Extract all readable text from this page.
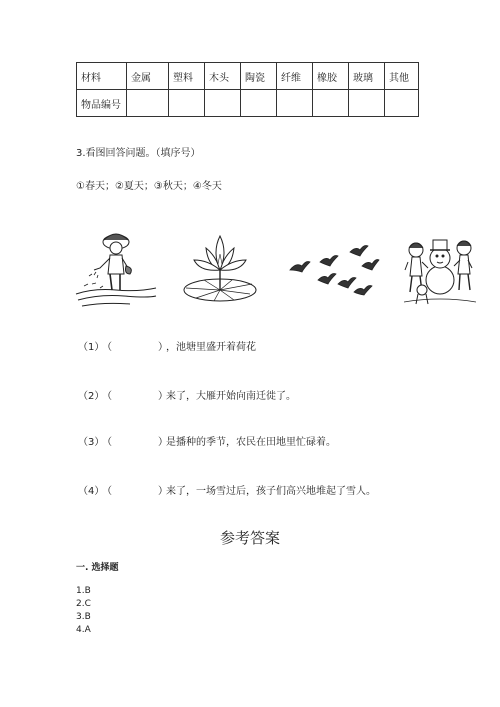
材料	金属	塑料	木头	陶瓷	纤维	橡胶	玻璃	其他
物品编号								
3.看图回答问题。（填序号）
①春天；②夏天；③秋天；④冬天
（1）（	），池塘里盛开着荷花
（2）（	）来了，大雁开始向南迁徙了。
（3）（	）是播种的季节，农民在田地里忙碌着。
（4）（	）来了，一场雪过后，孩子们高兴地堆起了雪人。
参考答案
一. 选择题
1.B
2.C
3.B
4.A
